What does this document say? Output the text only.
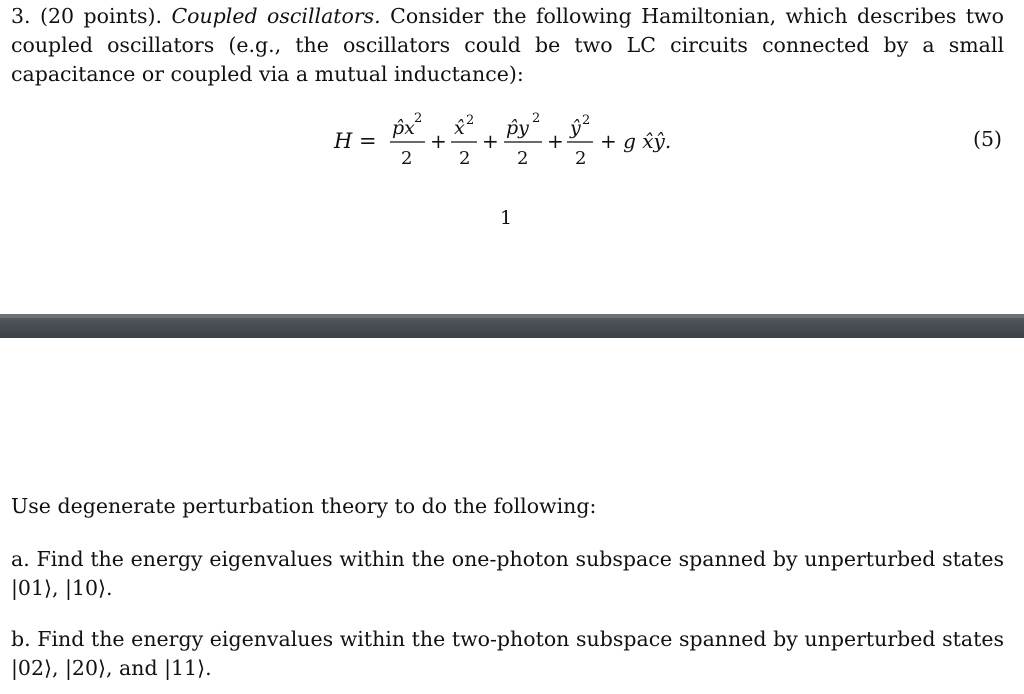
3. (20 points). Coupled oscillators. Consider the following Hamiltonian, which describes two coupled oscillators (e.g., the oscillators could be two LC circuits connected by a small capacitance or coupled via a mutual inductance):
H =
p̂x 2
2
+
x̂ 2
2
+
p̂y 2
2
+
ŷ 2
2
+ g x̂ŷ.	(5)
1
Use degenerate perturbation theory to do the following:
a. Find the energy eigenvalues within the one-photon subspace spanned by unperturbed states |01⟩, |10⟩.
b. Find the energy eigenvalues within the two-photon subspace spanned by unperturbed states |02⟩, |20⟩, and |11⟩.
